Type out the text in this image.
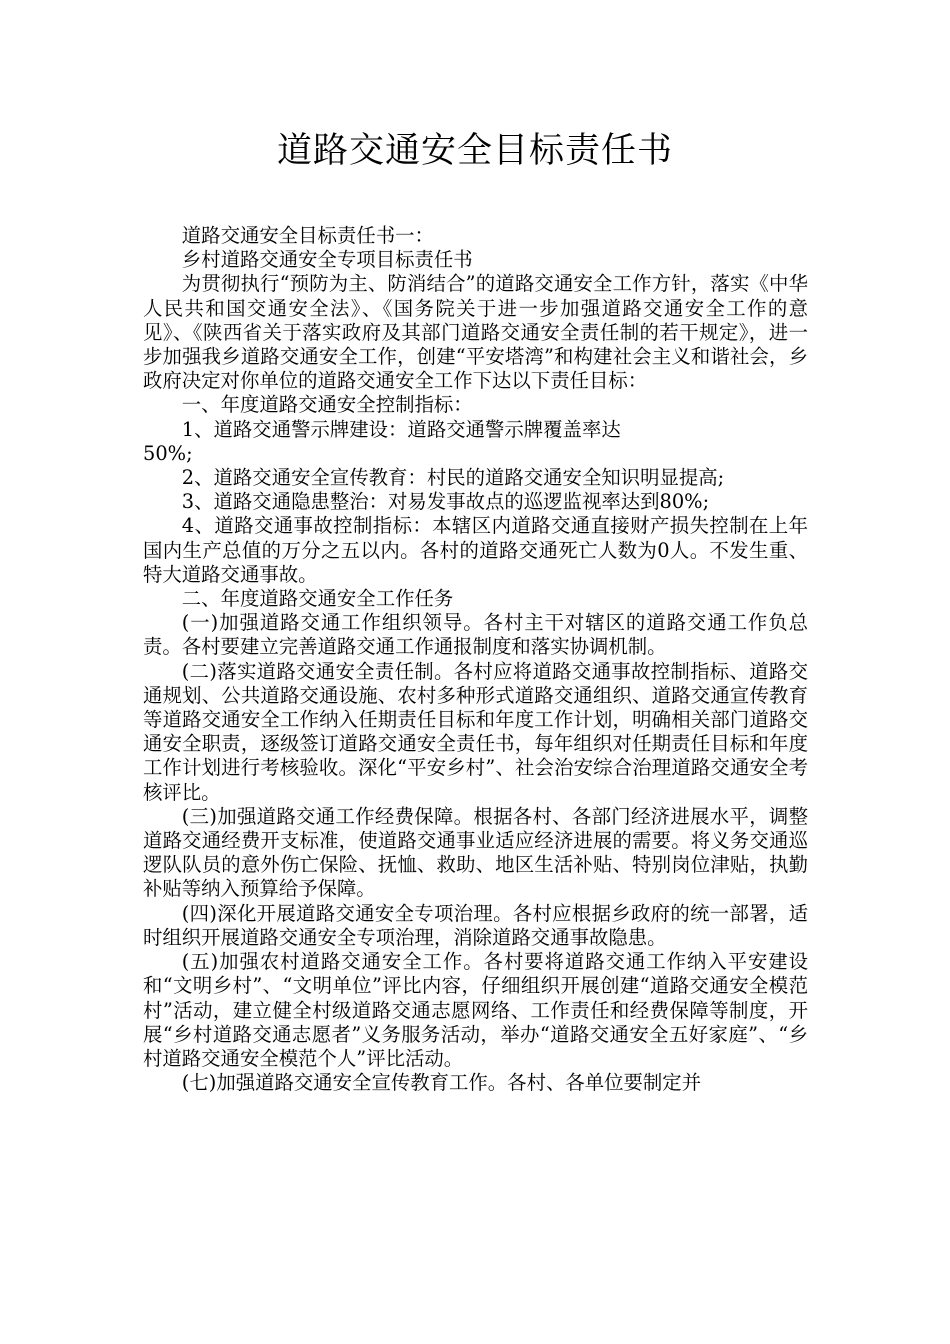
道路交通安全目标责任书

道路交通安全目标责任书一：

乡村道路交通安全专项目标责任书

为贯彻执行“预防为主、防消结合”的道路交通安全工作方针，落实《中华人民共和国交通安全法》、《国务院关于进一步加强道路交通安全工作的意见》、《陕西省关于落实政府及其部门道路交通安全责任制的若干规定》，进一步加强我乡道路交通安全工作，创建“平安塔湾”和构建社会主义和谐社会，乡政府决定对你单位的道路交通安全工作下达以下责任目标：

一、年度道路交通安全控制指标：

1、道路交通警示牌建设：道路交通警示牌覆盖率达

50%;

2、道路交通安全宣传教育：村民的道路交通安全知识明显提高;

3、道路交通隐患整治：对易发事故点的巡逻监视率达到80%;

4、道路交通事故控制指标：本辖区内道路交通直接财产损失控制在上年国内生产总值的万分之五以内。各村的道路交通死亡人数为0人。不发生重、特大道路交通事故。

二、年度道路交通安全工作任务

(一)加强道路交通工作组织领导。各村主干对辖区的道路交通工作负总责。各村要建立完善道路交通工作通报制度和落实协调机制。

(二)落实道路交通安全责任制。各村应将道路交通事故控制指标、道路交通规划、公共道路交通设施、农村多种形式道路交通组织、道路交通宣传教育等道路交通安全工作纳入任期责任目标和年度工作计划，明确相关部门道路交通安全职责，逐级签订道路交通安全责任书，每年组织对任期责任目标和年度工作计划进行考核验收。深化“平安乡村”、社会治安综合治理道路交通安全考核评比。

(三)加强道路交通工作经费保障。根据各村、各部门经济进展水平，调整道路交通经费开支标准，使道路交通事业适应经济进展的需要。将义务交通巡逻队队员的意外伤亡保险、抚恤、救助、地区生活补贴、特别岗位津贴，执勤补贴等纳入预算给予保障。

(四)深化开展道路交通安全专项治理。各村应根据乡政府的统一部署，适时组织开展道路交通安全专项治理，消除道路交通事故隐患。

(五)加强农村道路交通安全工作。各村要将道路交通工作纳入平安建设和“文明乡村”、“文明单位”评比内容，仔细组织开展创建“道路交通安全模范村”活动，建立健全村级道路交通志愿网络、工作责任和经费保障等制度，开展“乡村道路交通志愿者”义务服务活动，举办“道路交通安全五好家庭”、“乡村道路交通安全模范个人”评比活动。

(七)加强道路交通安全宣传教育工作。各村、各单位要制定并
